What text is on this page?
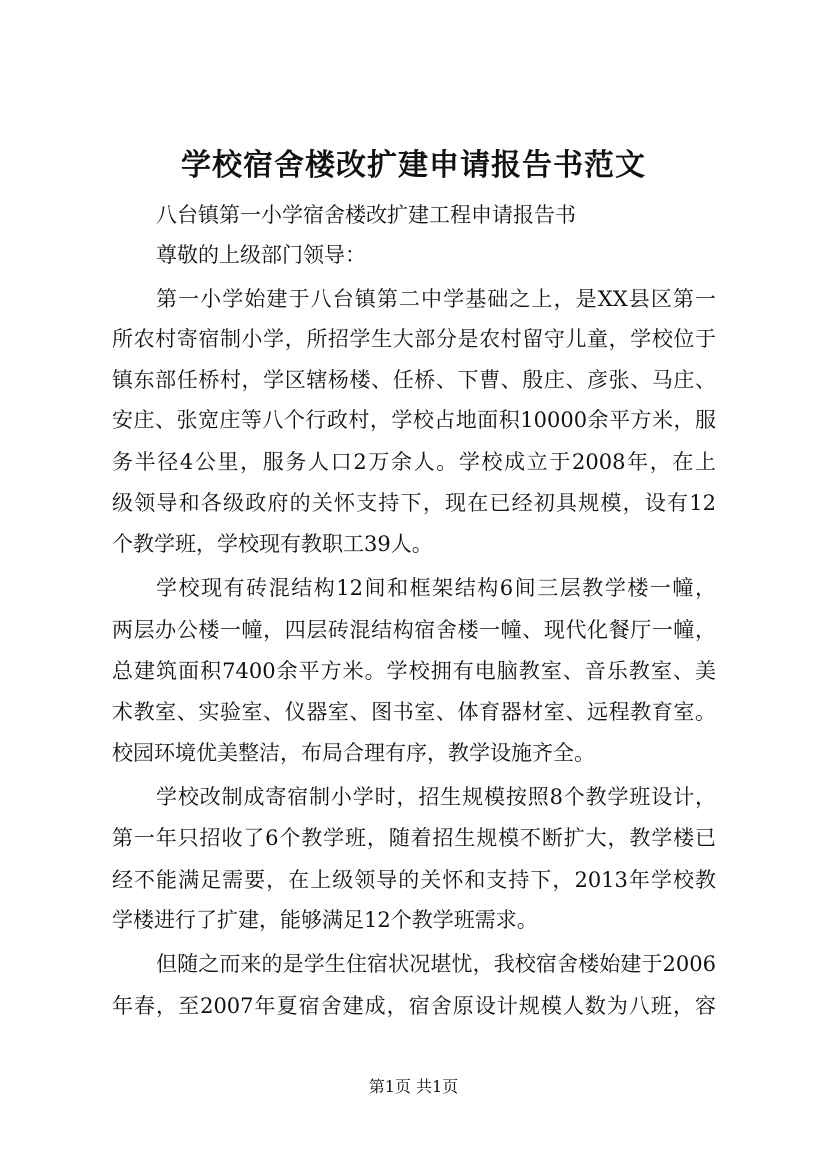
学校宿舍楼改扩建申请报告书范文
八台镇第一小学宿舍楼改扩建工程申请报告书
尊敬的上级部门领导：
第一小学始建于八台镇第二中学基础之上，是XX县区第一
所农村寄宿制小学，所招学生大部分是农村留守儿童，学校位于
镇东部任桥村，学区辖杨楼、任桥、下曹、殷庄、彦张、马庄、
安庄、张宽庄等八个行政村，学校占地面积10000余平方米，服
务半径4公里，服务人口2万余人。学校成立于2008年，在上
级领导和各级政府的关怀支持下，现在已经初具规模，设有12
个教学班，学校现有教职工39人。
学校现有砖混结构12间和框架结构6间三层教学楼一幢，
两层办公楼一幢，四层砖混结构宿舍楼一幢、现代化餐厅一幢，
总建筑面积7400余平方米。学校拥有电脑教室、音乐教室、美
术教室、实验室、仪器室、图书室、体育器材室、远程教育室。
校园环境优美整洁，布局合理有序，教学设施齐全。
学校改制成寄宿制小学时，招生规模按照8个教学班设计，
第一年只招收了6个教学班，随着招生规模不断扩大，教学楼已
经不能满足需要，在上级领导的关怀和支持下，2013年学校教
学楼进行了扩建，能够满足12个教学班需求。
但随之而来的是学生住宿状况堪忧，我校宿舍楼始建于2006
年春，至2007年夏宿舍建成，宿舍原设计规模人数为八班，容
第1页 共1页
